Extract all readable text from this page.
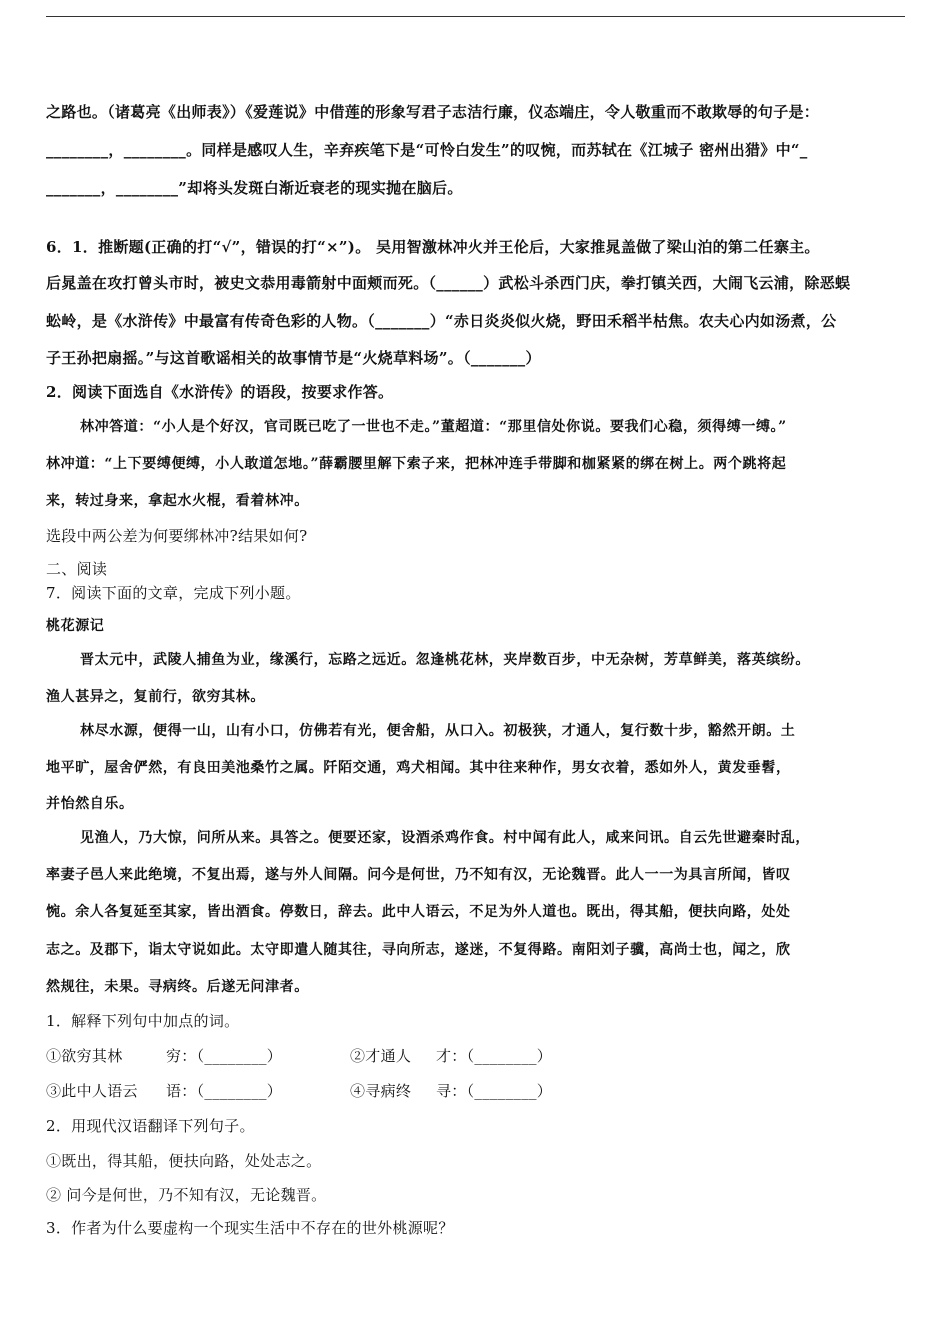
之路也。（诸葛亮《出师表》）《爱莲说》中借莲的形象写君子志洁行廉，仪态端庄，令人敬重而不敢欺辱的句子是：
________，________。同样是感叹人生，辛弃疾笔下是“可怜白发生”的叹惋，而苏轼在《江城子 密州出猎》中“_
_______，________”却将头发斑白渐近衰老的现实抛在脑后。
6．1．推断题(正确的打“√”，错误的打“×”)。 吴用智激林冲火并王伦后，大家推晁盖做了梁山泊的第二任寨主。
后晁盖在攻打曾头市时，被史文恭用毒箭射中面颊而死。（______）武松斗杀西门庆，拳打镇关西，大闹飞云浦，除恶蜈
蚣岭，是《水浒传》中最富有传奇色彩的人物。（_______）“赤日炎炎似火烧，野田禾稻半枯焦。农夫心内如汤煮，公
子王孙把扇摇。”与这首歌谣相关的故事情节是“火烧草料场”。（_______）
2．阅读下面选自《水浒传》的语段，按要求作答。
林冲答道：“小人是个好汉，官司既已吃了一世也不走。”董超道：“那里信处你说。要我们心稳，须得缚一缚。”
林冲道：“上下要缚便缚，小人敢道怎地。”薛霸腰里解下索子来，把林冲连手带脚和枷紧紧的绑在树上。两个跳将起
来，转过身来，拿起水火棍，看着林冲。
选段中两公差为何要绑林冲?结果如何?
二、阅读
7．阅读下面的文章，完成下列小题。
桃花源记
晋太元中，武陵人捕鱼为业，缘溪行，忘路之远近。忽逢桃花林，夹岸数百步，中无杂树，芳草鲜美，落英缤纷。
渔人甚异之，复前行，欲穷其林。
林尽水源，便得一山，山有小口，仿佛若有光，便舍船，从口入。初极狭，才通人，复行数十步，豁然开朗。土
地平旷，屋舍俨然，有良田美池桑竹之属。阡陌交通，鸡犬相闻。其中往来种作，男女衣着，悉如外人，黄发垂髫，
并怡然自乐。
见渔人，乃大惊，问所从来。具答之。便要还家，设酒杀鸡作食。村中闻有此人，咸来问讯。自云先世避秦时乱，
率妻子邑人来此绝境，不复出焉，遂与外人间隔。问今是何世，乃不知有汉，无论魏晋。此人一一为具言所闻，皆叹
惋。余人各复延至其家，皆出酒食。停数日，辞去。此中人语云，不足为外人道也。既出，得其船，便扶向路，处处
志之。及郡下，诣太守说如此。太守即遣人随其往，寻向所志，遂迷，不复得路。南阳刘子骥，高尚士也，闻之，欣
然规往，未果。寻病终。后遂无问津者。
1．解释下列句中加点的词。
①欲穷其林	穷：（________）	②才通人 才：（________）
③此中人语云 语：（________）	④寻病终 寻：（________）
2．用现代汉语翻译下列句子。
①既出，得其船，便扶向路，处处志之。
② 问今是何世，乃不知有汉，无论魏晋。
3．作者为什么要虚构一个现实生活中不存在的世外桃源呢？
